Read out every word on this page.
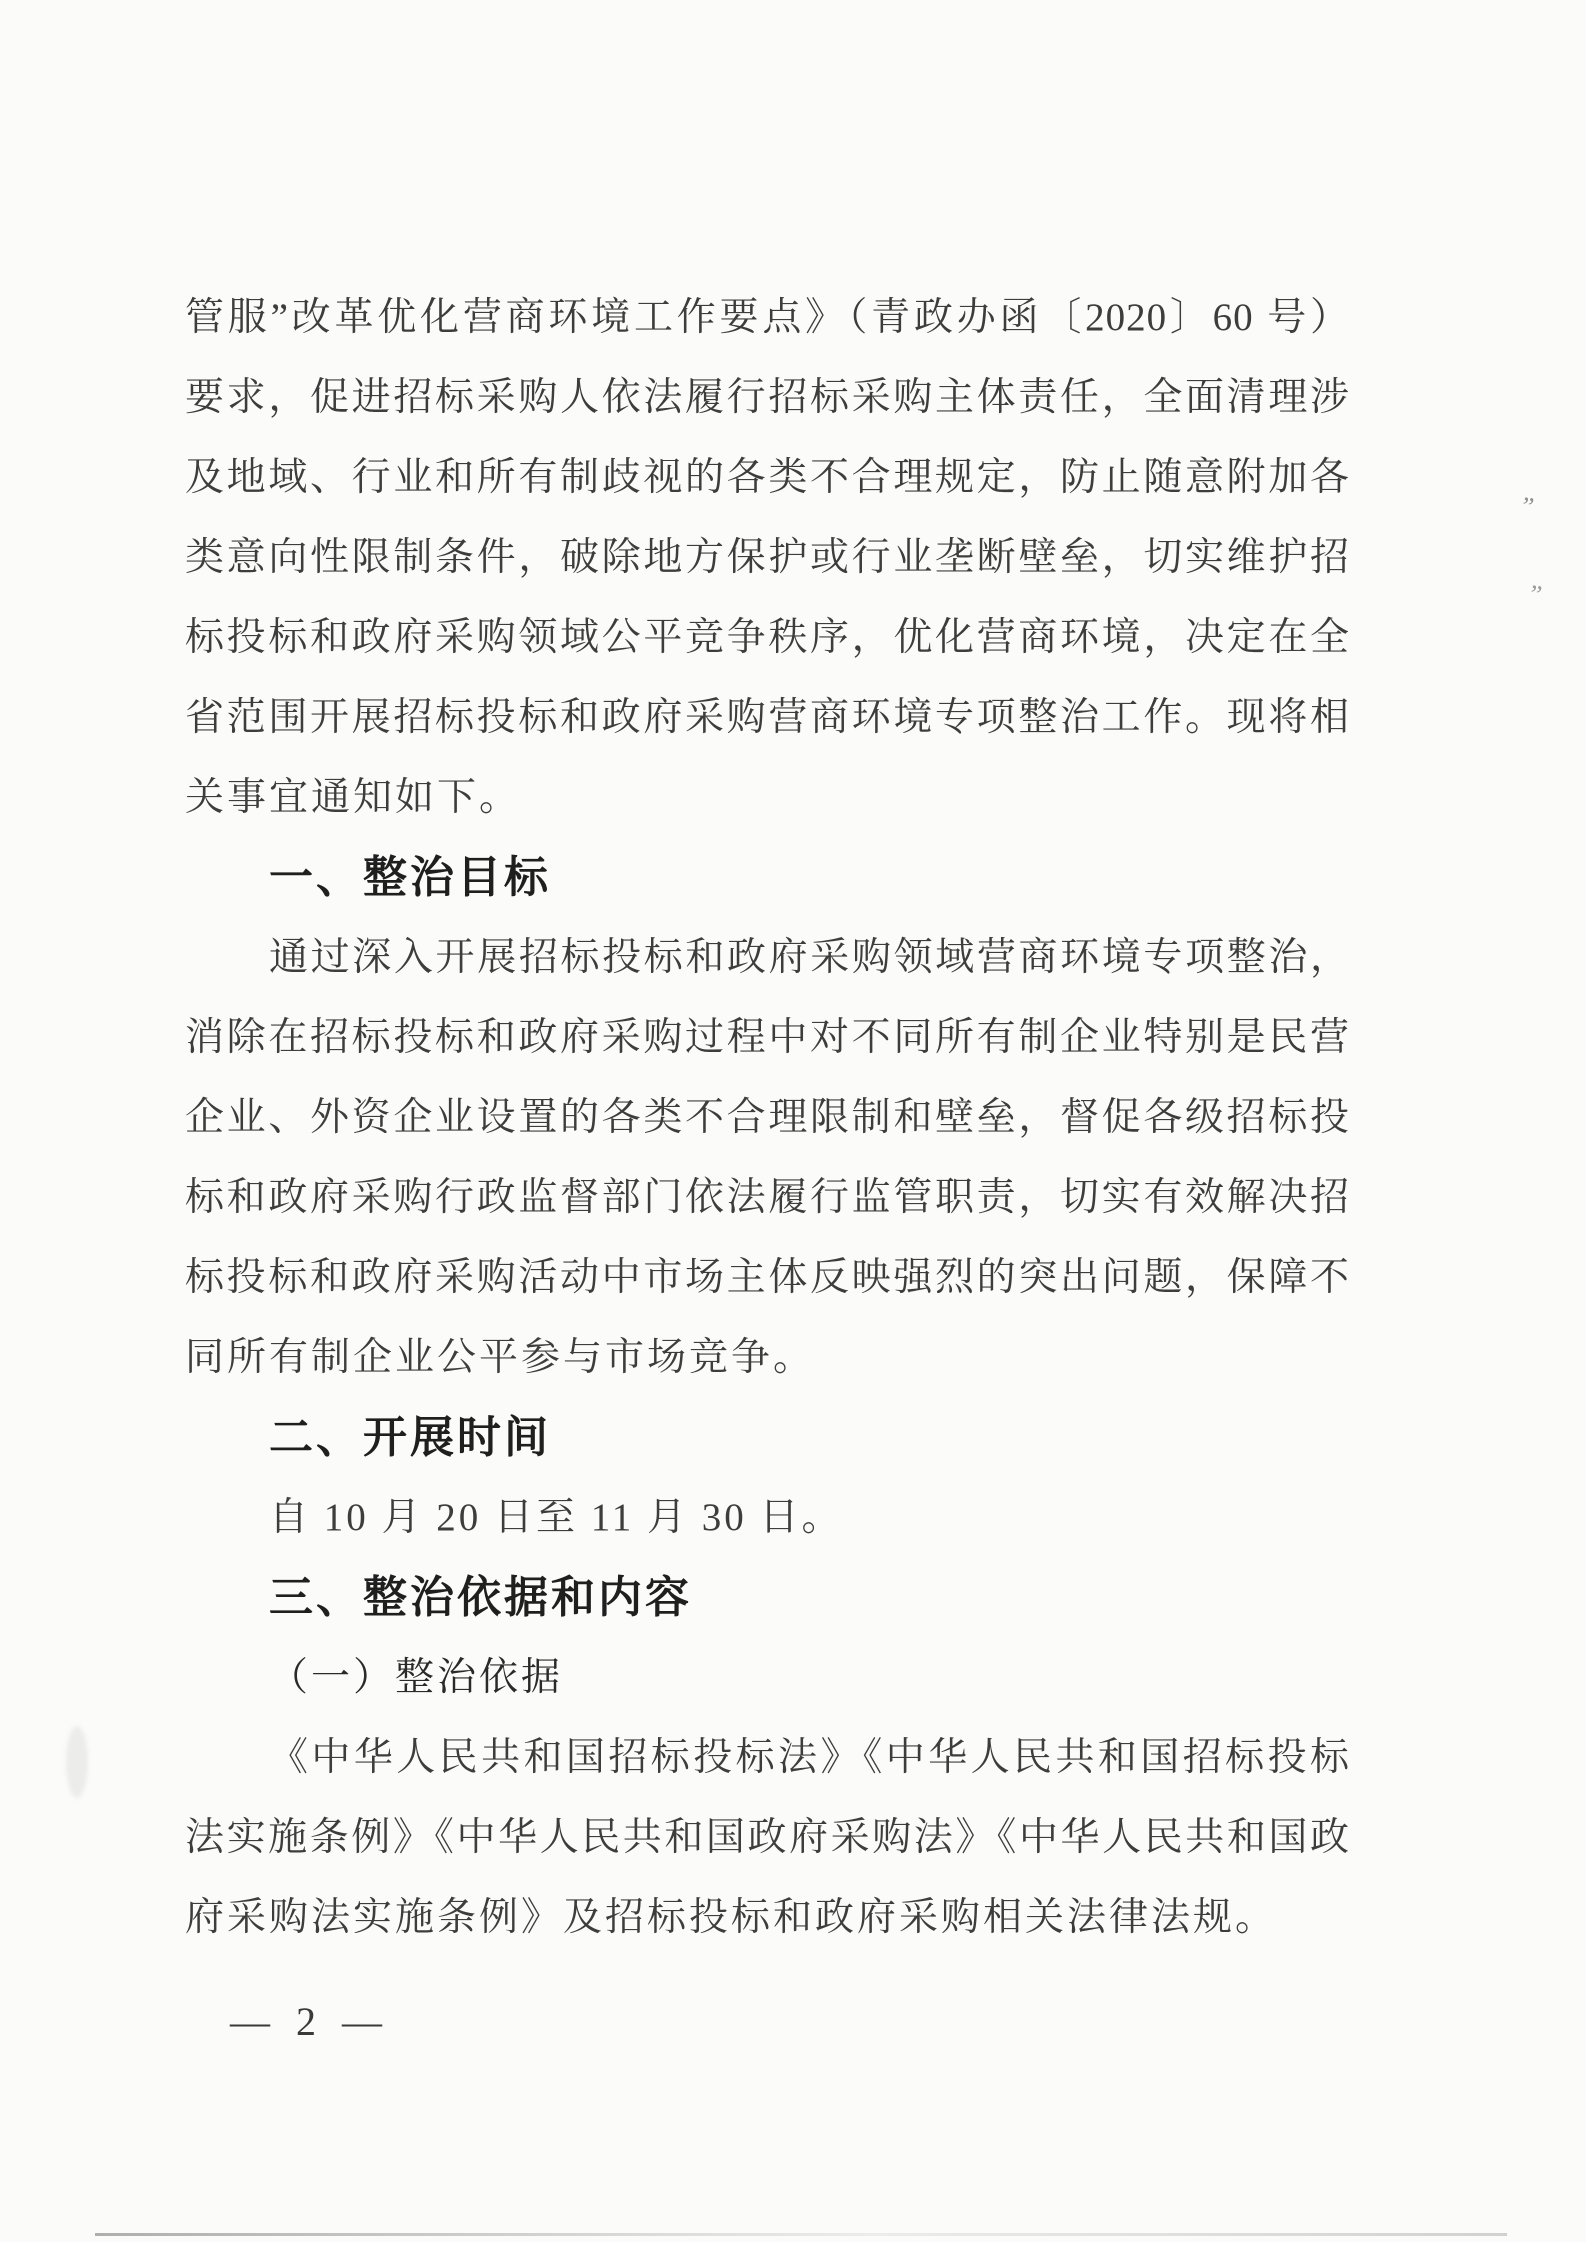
管服”改革优化营商环境工作要点》（青政办函〔2020〕60 号）
要求，促进招标采购人依法履行招标采购主体责任，全面清理涉
及地域、行业和所有制歧视的各类不合理规定，防止随意附加各
类意向性限制条件，破除地方保护或行业垄断壁垒，切实维护招
标投标和政府采购领域公平竞争秩序，优化营商环境，决定在全
省范围开展招标投标和政府采购营商环境专项整治工作。现将相
关事宜通知如下。
一、整治目标
通过深入开展招标投标和政府采购领域营商环境专项整治，
消除在招标投标和政府采购过程中对不同所有制企业特别是民营
企业、外资企业设置的各类不合理限制和壁垒，督促各级招标投
标和政府采购行政监督部门依法履行监管职责，切实有效解决招
标投标和政府采购活动中市场主体反映强烈的突出问题，保障不
同所有制企业公平参与市场竞争。
二、开展时间
自 10 月 20 日至 11 月 30 日。
三、整治依据和内容
（一）整治依据
《中华人民共和国招标投标法》《中华人民共和国招标投标
法实施条例》《中华人民共和国政府采购法》《中华人民共和国政
府采购法实施条例》及招标投标和政府采购相关法律法规。
— 2 —
”
”
